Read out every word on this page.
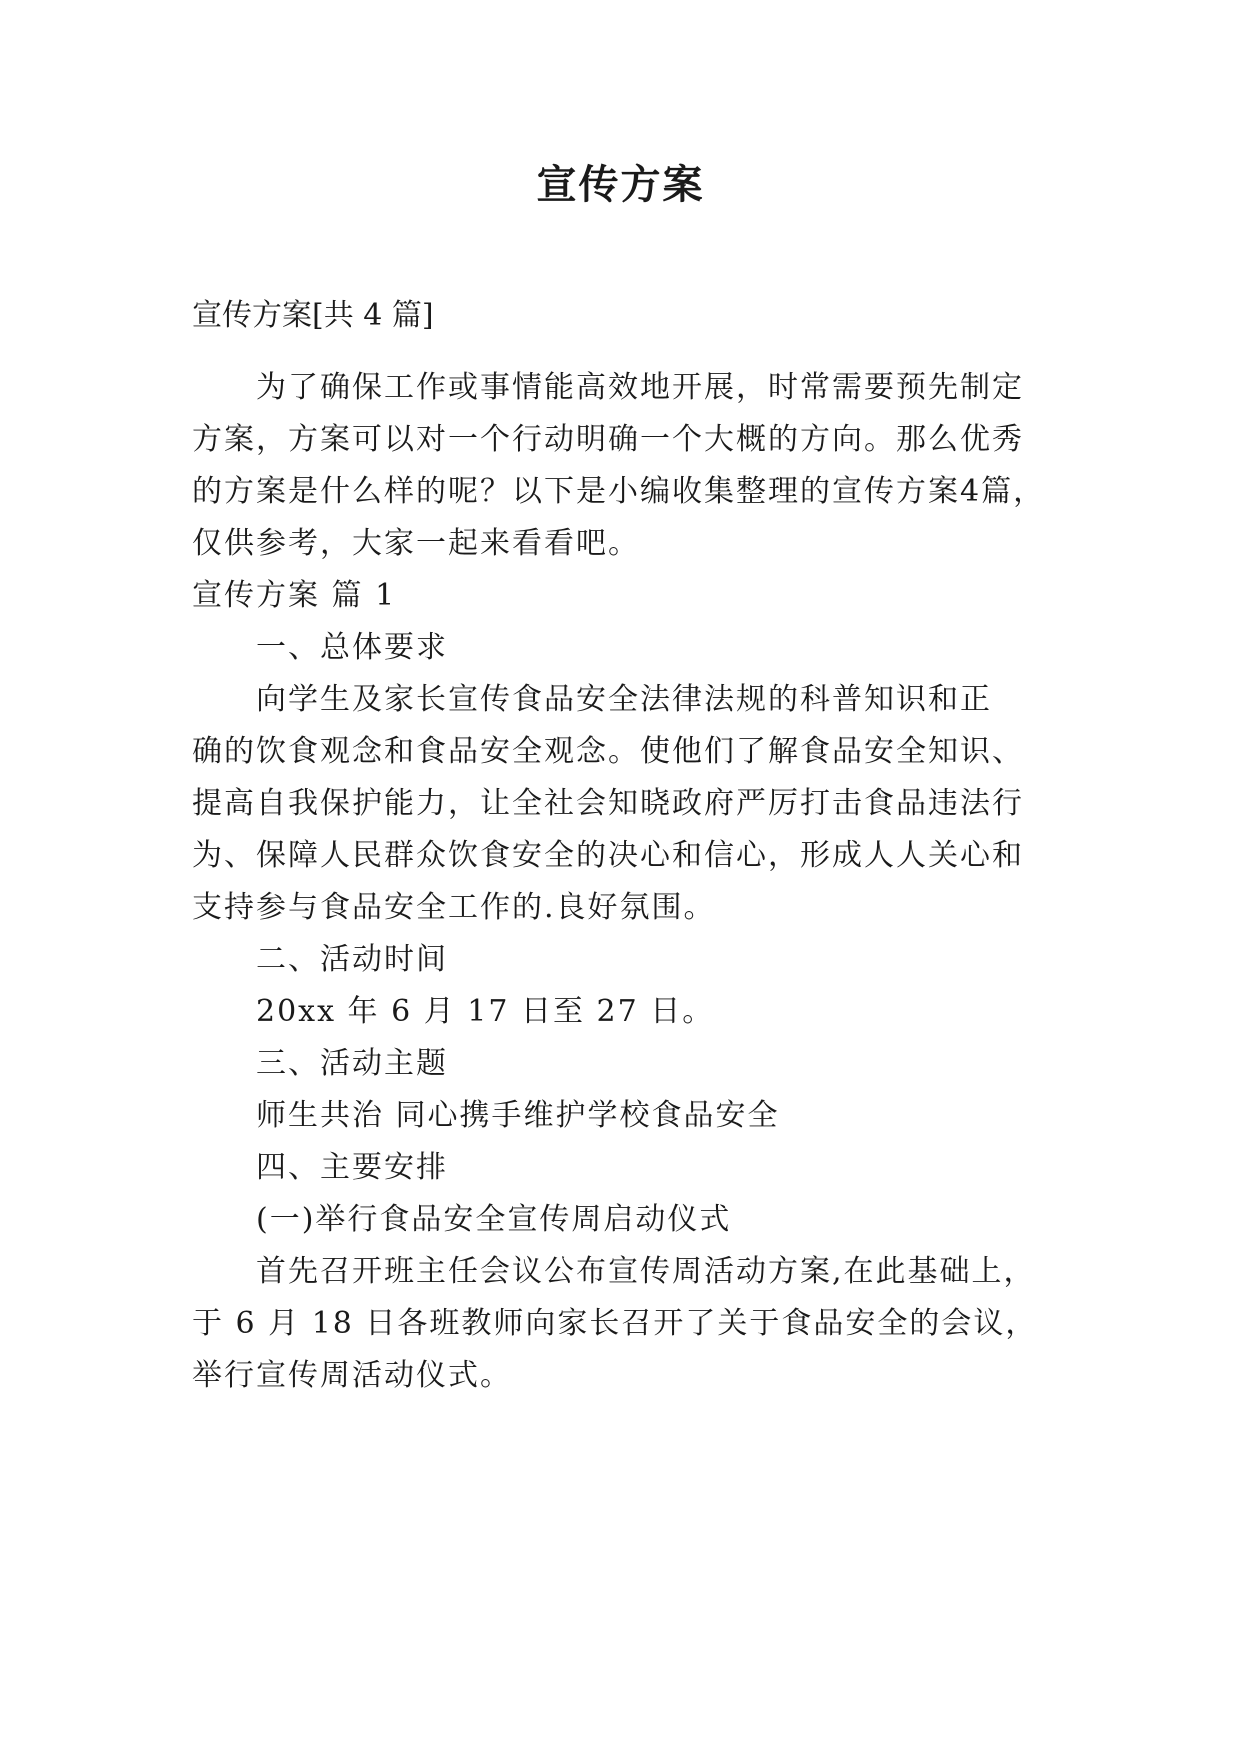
宣传方案
宣传方案[共 4 篇]
为了确保工作或事情能高效地开展，时常需要预先制定
方案，方案可以对一个行动明确一个大概的方向。那么优秀
的方案是什么样的呢？以下是小编收集整理的宣传方案4篇，
仅供参考，大家一起来看看吧。
宣传方案 篇 1
一、总体要求
向学生及家长宣传食品安全法律法规的科普知识和正
确的饮食观念和食品安全观念。使他们了解食品安全知识、
提高自我保护能力，让全社会知晓政府严厉打击食品违法行
为、保障人民群众饮食安全的决心和信心，形成人人关心和
支持参与食品安全工作的.良好氛围。
二、活动时间
20xx 年 6 月 17 日至 27 日。
三、活动主题
师生共治 同心携手维护学校食品安全
四、主要安排
(一)举行食品安全宣传周启动仪式
首先召开班主任会议公布宣传周活动方案,在此基础上，
于 6 月 18 日各班教师向家长召开了关于食品安全的会议，
举行宣传周活动仪式。
